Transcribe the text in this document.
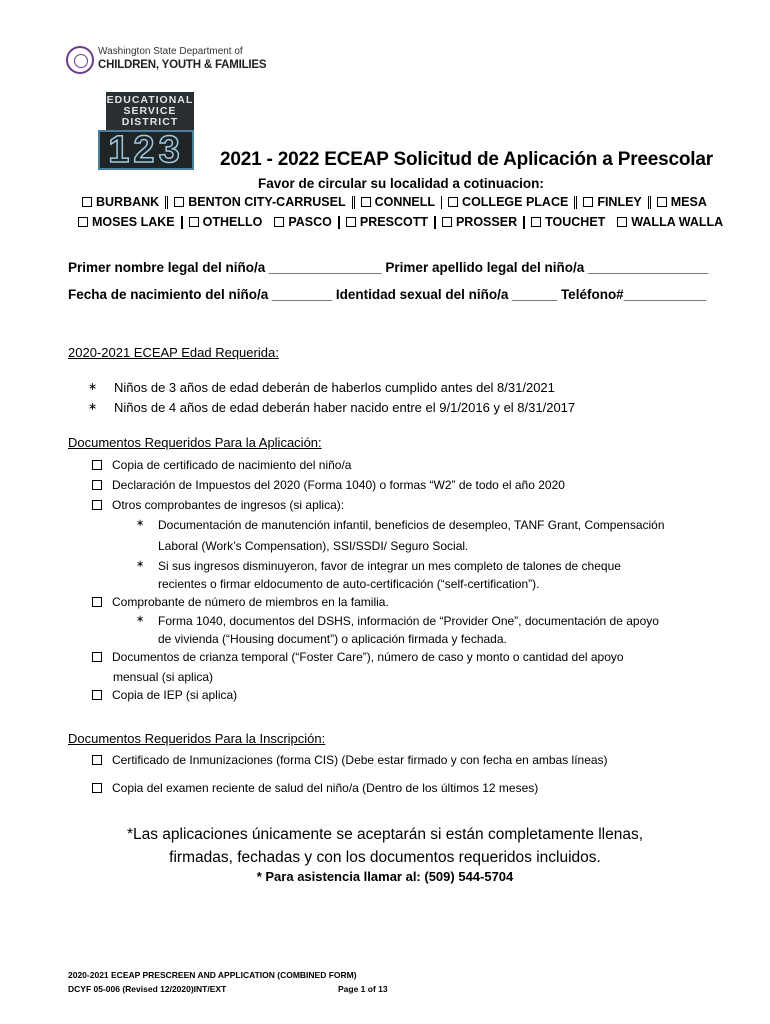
Washington State Department of
CHILDREN, YOUTH & FAMILIES
EDUCATIONAL
SERVICE
DISTRICT
123	2021 - 2022 ECEAP Solicitud de Aplicación a Preescolar
Favor de circular su localidad a cotinuacion:
BURBANK BENTON CITY-CARRUSEL CONNELL COLLEGE PLACE FINLEY MESA
MOSES LAKE OTHELLO PASCO PRESCOTT PROSSER TOUCHET WALLA WALLA
Primer nombre legal del niño/a _______________ Primer apellido legal del niño/a ________________
Fecha de nacimiento del niño/a ________ Identidad sexual del niño/a ______ Teléfono#___________
2020-2021 ECEAP Edad Requerida:
∗	Niños de 3 años de edad deberán de haberlos cumplido antes del 8/31/2021
∗	Niños de 4 años de edad deberán haber nacido entre el 9/1/2016 y el 8/31/2017
Documentos Requeridos Para la Aplicación:
Copia de certificado de nacimiento del niño/a
Declaración de Impuestos del 2020 (Forma 1040) o formas “W2” de todo el año 2020
Otros comprobantes de ingresos (si aplica):
∗	Documentación de manutención infantil, beneficios de desempleo, TANF Grant, Compensación
Laboral (Work’s Compensation), SSI/SSDI/ Seguro Social.
∗	Si sus ingresos disminuyeron, favor de integrar un mes completo de talones de cheque
recientes o firmar eldocumento de auto-certificación (“self-certification”).
Comprobante de número de miembros en la familia.
∗	Forma 1040, documentos del DSHS, información de “Provider One”, documentación de apoyo
de vivienda (“Housing document”) o aplicación firmada y fechada.
Documentos de crianza temporal (“Foster Care”), número de caso y monto o cantidad del apoyo
mensual (si aplica)
Copia de IEP (si aplica)
Documentos Requeridos Para la Inscripción:
Certificado de Inmunizaciones (forma CIS) (Debe estar firmado y con fecha en ambas líneas)
Copia del examen reciente de salud del niño/a (Dentro de los últimos 12 meses)
*Las aplicaciones únicamente se aceptarán si están completamente llenas,
firmadas, fechadas y con los documentos requeridos incluidos.
* Para asistencia llamar al: (509) 544-5704
2020-2021 ECEAP PRESCREEN AND APPLICATION (COMBINED FORM)
DCYF 05-006 (Revised 12/2020)INT/EXT	Page 1 of 13
